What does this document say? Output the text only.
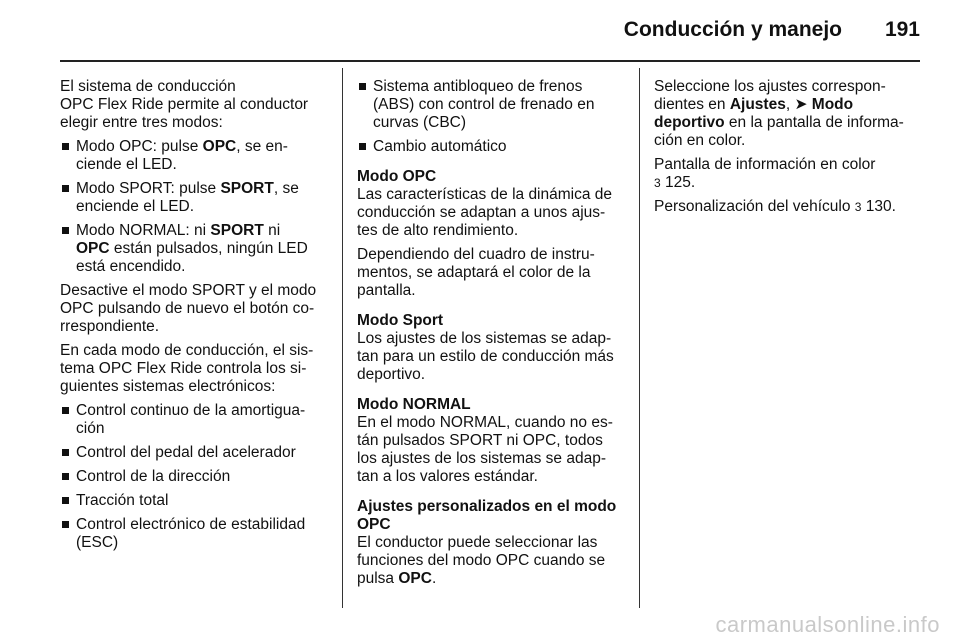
Conducción y manejo 191
El sistema de conducción
OPC Flex Ride permite al conductor
elegir entre tres modos:
Modo OPC: pulse OPC, se en-
ciende el LED.
Modo SPORT: pulse SPORT, se
enciende el LED.
Modo NORMAL: ni SPORT ni
OPC están pulsados, ningún LED
está encendido.
Desactive el modo SPORT y el modo
OPC pulsando de nuevo el botón co-
rrespondiente.
En cada modo de conducción, el sis-
tema OPC Flex Ride controla los si-
guientes sistemas electrónicos:
Control continuo de la amortigua-
ción
Control del pedal del acelerador
Control de la dirección
Tracción total
Control electrónico de estabilidad
(ESC)
Sistema antibloqueo de frenos
(ABS) con control de frenado en
curvas (CBC)
Cambio automático
Modo OPC
Las características de la dinámica de
conducción se adaptan a unos ajus-
tes de alto rendimiento.
Dependiendo del cuadro de instru-
mentos, se adaptará el color de la
pantalla.
Modo Sport
Los ajustes de los sistemas se adap-
tan para un estilo de conducción más
deportivo.
Modo NORMAL
En el modo NORMAL, cuando no es-
tán pulsados SPORT ni OPC, todos
los ajustes de los sistemas se adap-
tan a los valores estándar.
Ajustes personalizados en el modo
OPC
El conductor puede seleccionar las
funciones del modo OPC cuando se
pulsa OPC.
Seleccione los ajustes correspon-
dientes en Ajustes, ➤ Modo
deportivo en la pantalla de informa-
ción en color.
Pantalla de información en color
3 125.
Personalización del vehículo 3 130.
carmanualsonline.info
